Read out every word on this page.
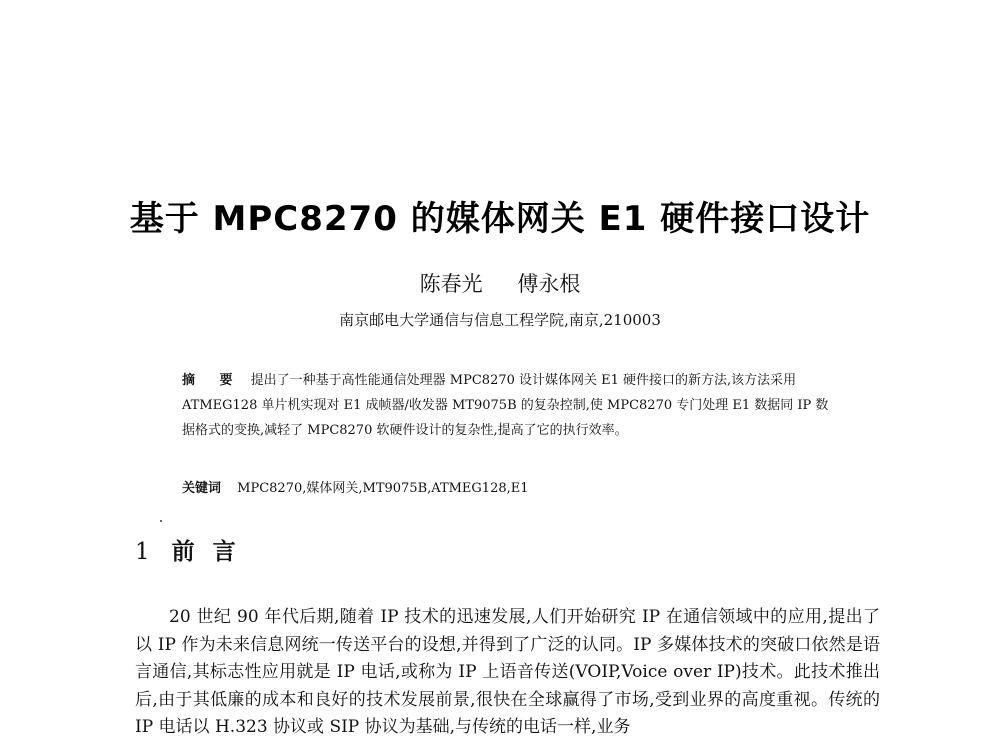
基于 MPC8270 的媒体网关 E1 硬件接口设计
陈春光 傅永根
南京邮电大学通信与信息工程学院,南京,210003
摘 要 提出了一种基于高性能通信处理器 MPC8270 设计媒体网关 E1 硬件接口的新方法,该方法采用 ATMEG128 单片机实现对 E1 成帧器/收发器 MT9075B 的复杂控制,使 MPC8270 专门处理 E1 数据同 IP 数据格式的变换,减轻了 MPC8270 软硬件设计的复杂性,提高了它的执行效率。
关键词 MPC8270,媒体网关,MT9075B,ATMEG128,E1
1 前言
20 世纪 90 年代后期,随着 IP 技术的迅速发展,人们开始研究 IP 在通信领域中的应用,提出了以 IP 作为未来信息网统一传送平台的设想,并得到了广泛的认同。IP 多媒体技术的突破口依然是语言通信,其标志性应用就是 IP 电话,或称为 IP 上语音传送(VOIP,Voice over IP)技术。此技术推出后,由于其低廉的成本和良好的技术发展前景,很快在全球赢得了市场,受到业界的高度重视。传统的 IP 电话以 H.323 协议或 SIP 协议为基础,与传统的电话一样,业务
